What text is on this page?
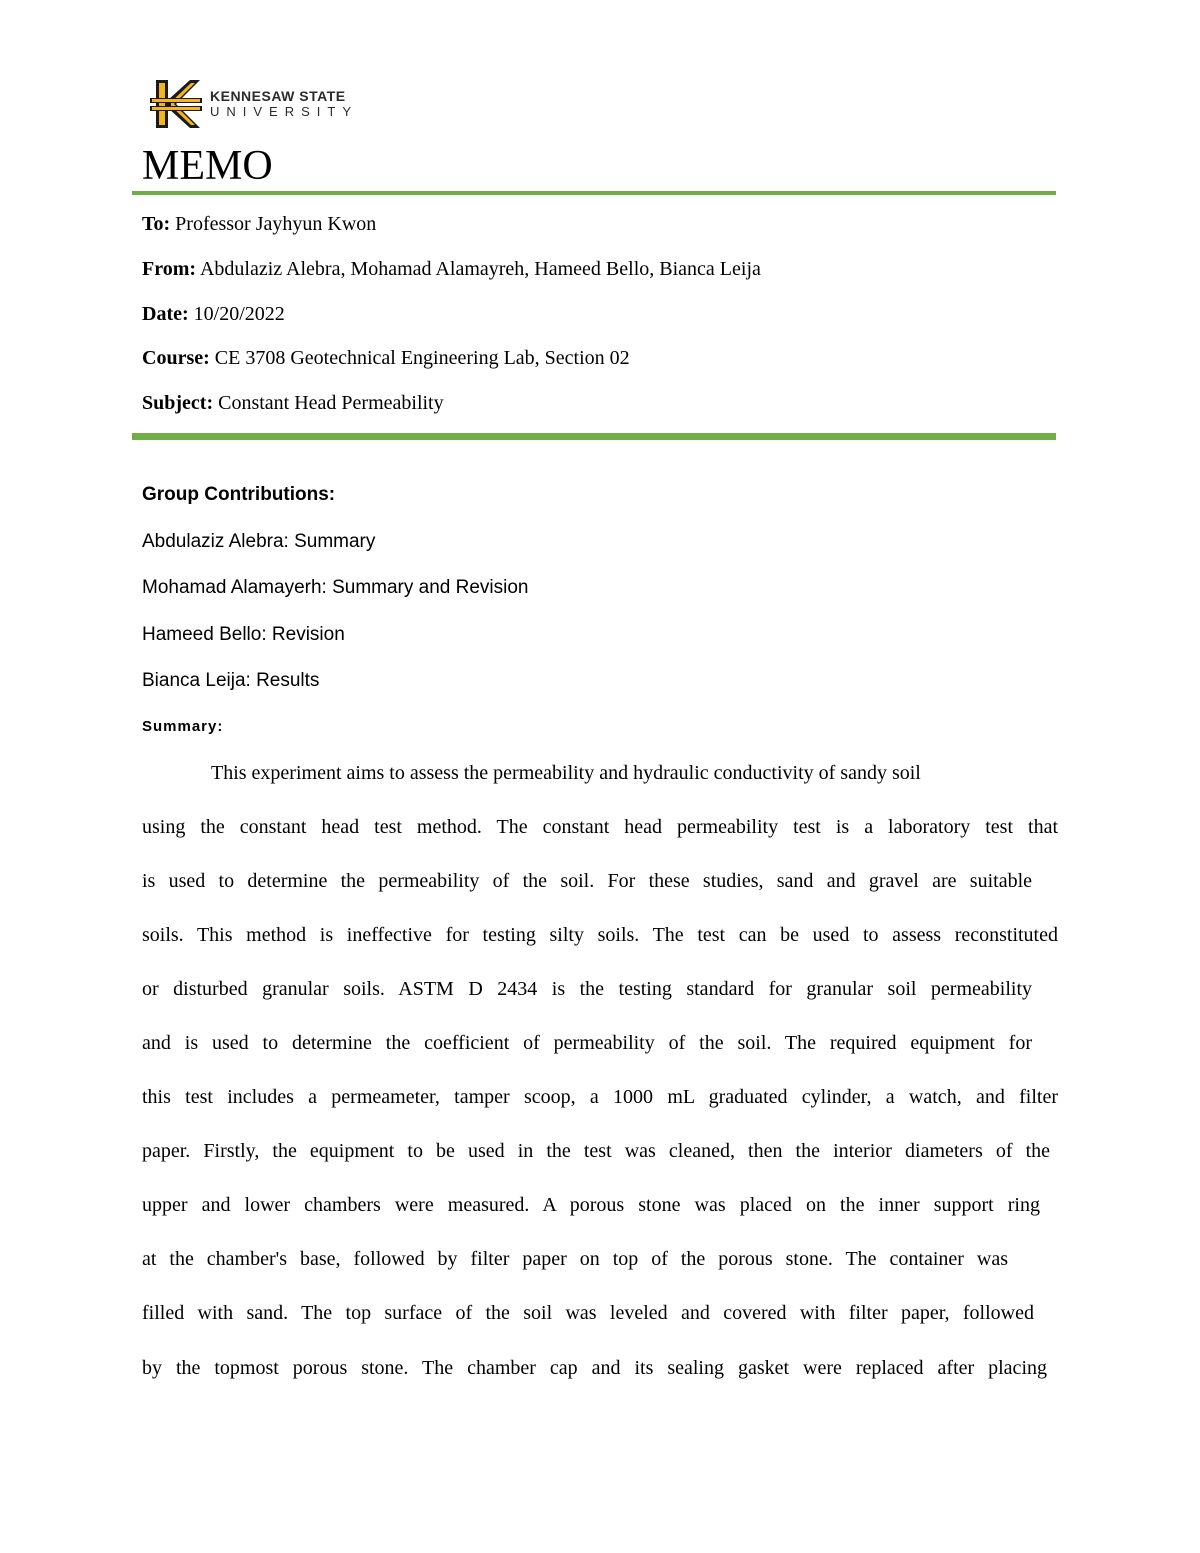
KENNESAW STATE
UNIVERSITY
MEMO
To: Professor Jayhyun Kwon
From: Abdulaziz Alebra, Mohamad Alamayreh, Hameed Bello, Bianca Leija
Date: 10/20/2022
Course: CE 3708 Geotechnical Engineering Lab, Section 02
Subject: Constant Head Permeability
Group Contributions:
Abdulaziz Alebra: Summary
Mohamad Alamayerh: Summary and Revision
Hameed Bello: Revision
Bianca Leija: Results
Summary:
This experiment aims to assess the permeability and hydraulic conductivity of sandy soil
using the constant head test method. The constant head permeability test is a laboratory test that
is used to determine the permeability of the soil. For these studies, sand and gravel are suitable
soils. This method is ineffective for testing silty soils. The test can be used to assess reconstituted
or disturbed granular soils. ASTM D 2434 is the testing standard for granular soil permeability
and is used to determine the coefficient of permeability of the soil. The required equipment for
this test includes a permeameter, tamper scoop, a 1000 mL graduated cylinder, a watch, and filter
paper. Firstly, the equipment to be used in the test was cleaned, then the interior diameters of the
upper and lower chambers were measured. A porous stone was placed on the inner support ring
at the chamber's base, followed by filter paper on top of the porous stone. The container was
filled with sand. The top surface of the soil was leveled and covered with filter paper, followed
by the topmost porous stone. The chamber cap and its sealing gasket were replaced after placing
